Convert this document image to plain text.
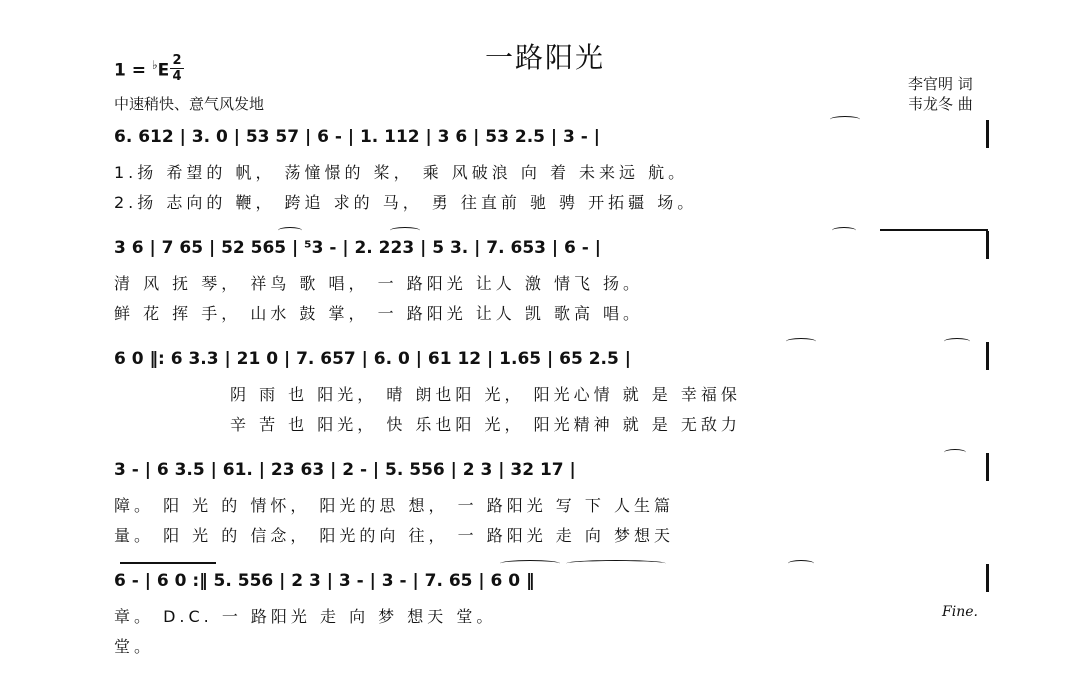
一路阳光
1 = ♭E
2
4
中速稍快、意气风发地
李官明 词
韦龙冬 曲
6. 612 | 3. 0 | 53 57 | 6 - | 1. 112 | 3 6 | 53 2.5 | 3 - |
1.扬 希望的 帆， 荡憧憬的 桨， 乘 风破浪 向 着 未来远 航。
2.扬 志向的 鞭， 跨追 求的 马， 勇 往直前 驰 骋 开拓疆 场。
3 6 | 7 65 | 52 565 | ⁵3 - | 2. 223 | 5 3. | 7. 653 | 6 - |
清 风 抚 琴， 祥鸟 歌 唱， 一 路阳光 让人 激 情飞 扬。
鲜 花 挥 手， 山水 鼓 掌， 一 路阳光 让人 凯 歌高 唱。
6 0 ‖: 6 3.3 | 21 0 | 7. 657 | 6. 0 | 61 12 | 1.65 | 65 2.5 |
阴 雨 也 阳光， 晴 朗也阳 光， 阳光心情 就 是 幸福保
辛 苦 也 阳光， 快 乐也阳 光， 阳光精神 就 是 无敌力
3 - | 6 3.5 | 61. | 23 63 | 2 - | 5. 556 | 2 3 | 32 17 |
障。 阳 光 的 情怀， 阳光的思 想， 一 路阳光 写 下 人生篇
量。 阳 光 的 信念， 阳光的向 往， 一 路阳光 走 向 梦想天
6 - | 6 0 :‖ 5. 556 | 2 3 | 3 - | 3 - | 7. 65 | 6 0 ‖
章。 D.C. 一 路阳光 走 向 梦 想天 堂。
堂。
Fine.
